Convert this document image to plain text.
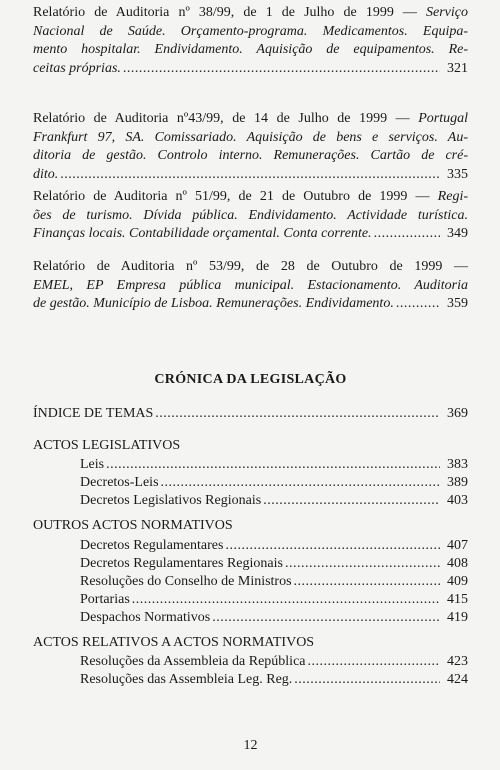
Relatório de Auditoria nº 38/99, de 1 de Julho de 1999 — Serviço
Nacional de Saúde. Orçamento-programa. Medicamentos. Equipa-
mento hospitalar. Endividamento. Aquisição de equipamentos. Re-
ceitas próprias. .....	321
Relatório de Auditoria nº43/99, de 14 de Julho de 1999 — Portugal
Frankfurt 97, SA. Comissariado. Aquisição de bens e serviços. Au-
ditoria de gestão. Controlo interno. Remunerações. Cartão de cré-
dito. .....	335
Relatório de Auditoria nº 51/99, de 21 de Outubro de 1999 — Regi-
ões de turismo. Dívida pública. Endividamento. Actividade turística.
Finanças locais. Contabilidade orçamental. Conta corrente. .....	349
Relatório de Auditoria nº 53/99, de 28 de Outubro de 1999 —
EMEL, EP Empresa pública municipal. Estacionamento. Auditoria
de gestão. Município de Lisboa. Remunerações. Endividamento. .....	359
CRÓNICA DA LEGISLAÇÃO
ÍNDICE DE TEMAS .....	369
ACTOS LEGISLATIVOS
Leis .....	383
Decretos-Leis .....	389
Decretos Legislativos Regionais .....	403
OUTROS ACTOS NORMATIVOS
Decretos Regulamentares .....	407
Decretos Regulamentares Regionais .....	408
Resoluções do Conselho de Ministros .....	409
Portarias .....	415
Despachos Normativos .....	419
ACTOS RELATIVOS A ACTOS NORMATIVOS
Resoluções da Assembleia da República .....	423
Resoluções das Assembleia Leg. Reg. .....	424
12
